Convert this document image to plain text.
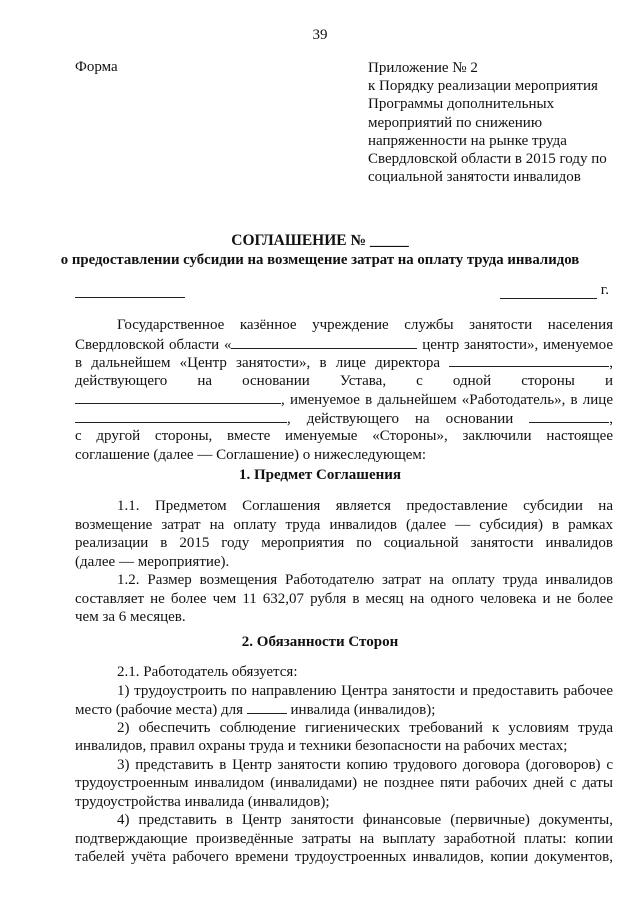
39
Форма	Приложение № 2
к Порядку реализации мероприятия
Программы дополнительных
мероприятий по снижению
напряженности на рынке труда
Свердловской области в 2015 году по
социальной занятости инвалидов
СОГЛАШЕНИЕ № _____
о предоставлении субсидии на возмещение затрат на оплату труда инвалидов
г.
Государственное казённое учреждение службы занятости населения
Свердловской области «	центр занятости», именуемое
в дальнейшем «Центр занятости», в лице директора	,
действующего на основании Устава, с одной стороны и
, именуемое в дальнейшем «Работодатель», в лице
, действующего на основании	,
с другой стороны, вместе именуемые «Стороны», заключили настоящее
соглашение (далее — Соглашение) о нижеследующем:
1. Предмет Соглашения
1.1. Предметом Соглашения является предоставление субсидии на
возмещение затрат на оплату труда инвалидов (далее — субсидия) в рамках
реализации в 2015 году мероприятия по социальной занятости инвалидов
(далее — мероприятие).
1.2. Размер возмещения Работодателю затрат на оплату труда инвалидов
составляет не более чем 11 632,07 рубля в месяц на одного человека и не более
чем за 6 месяцев.
2. Обязанности Сторон
2.1. Работодатель обязуется:
1) трудоустроить по направлению Центра занятости и предоставить рабочее
место (рабочие места) для	инвалида (инвалидов);
2) обеспечить соблюдение гигиенических требований к условиям труда
инвалидов, правил охраны труда и техники безопасности на рабочих местах;
3) представить в Центр занятости копию трудового договора (договоров) с
трудоустроенным инвалидом (инвалидами) не позднее пяти рабочих дней с даты
трудоустройства инвалида (инвалидов);
4) представить в Центр занятости финансовые (первичные) документы,
подтверждающие произведённые затраты на выплату заработной платы: копии
табелей учёта рабочего времени трудоустроенных инвалидов, копии документов,
